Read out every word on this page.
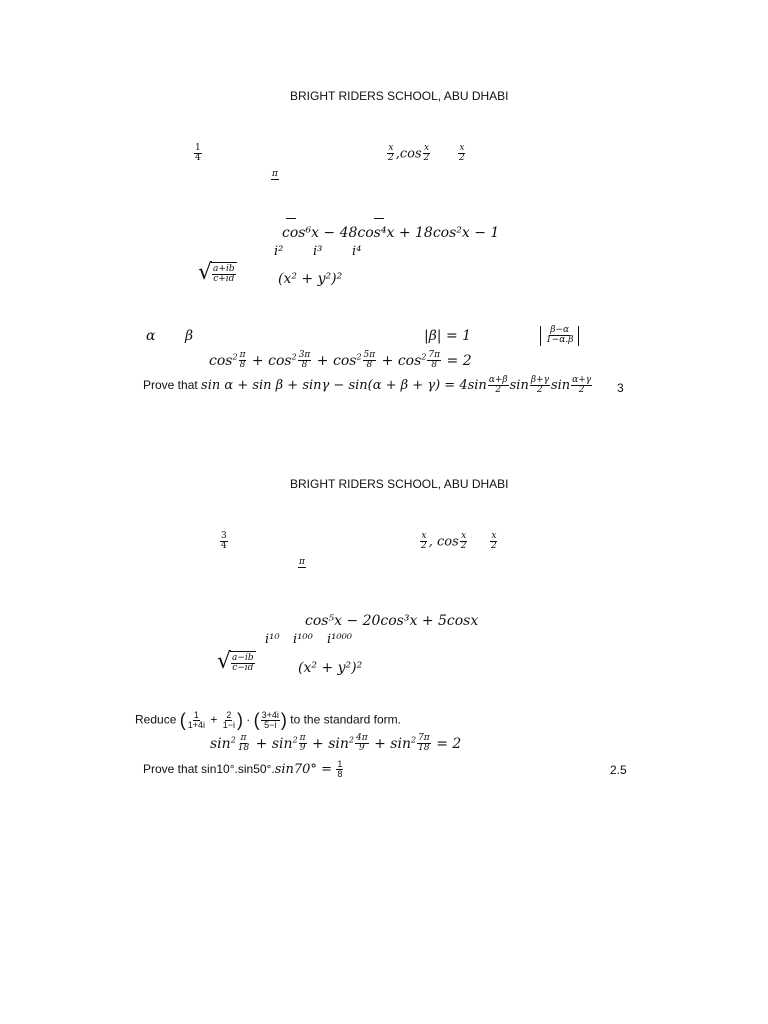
BRIGHT RIDERS SCHOOL, ABU DHABI
$\frac{1}{4}$	$\frac{x}{2} ,\cos \frac{x}{2}$	$\frac{x}{2}$
π

cos⁶x − 48cos⁴x + 18cos²x − 1
i² i³ i⁴
√ $\frac{a+ib}{c+id}$	(x² + y²)²
α β	|β| = 1	$\frac{\beta-\alpha}{\text{1−ᾱ.β}}$
$\cos^2 \frac{\pi}{8} + \cos^2 \frac{3\pi}{8} + \cos^2 \frac{5\pi}{8} + \cos^2 \frac{7\pi}{8} = 2$
Prove that $\sin \alpha + \sin \beta + \sin\gamma - \sin(\alpha + \beta + \gamma) = 4\sin \frac{\alpha+\beta}{2}$ $\sin \frac{\beta+\gamma}{2}$ $\sin \frac{\alpha+\gamma}{2} 3$
BRIGHT RIDERS SCHOOL, ABU DHABI
$\frac{3}{4}$	$\frac{x}{2}$ , $\cos \frac{x}{2} \frac{x}{2}$
π

cos⁵x − 20cos³x + 5cosx
i¹⁰ i¹⁰⁰ i¹⁰⁰⁰
√ $\frac{a-ib}{c-id}$	(x² + y²)²
Reduce ( $\frac{1}{1+4i} + \frac{2}{1-i}$ ) · ( $\frac{3+4i}{5-i}$ ) to the standard form.
$\sin^2 \frac{\pi}{18} + \sin^2 \frac{\pi}{9} + \sin^2 \frac{4\pi}{9} + \sin^2 \frac{7\pi}{18} = 2$
Prove that $\sin 10^\circ.\sin 50^\circ.\sin 70^\circ = \frac{1}{8}$	2.5
